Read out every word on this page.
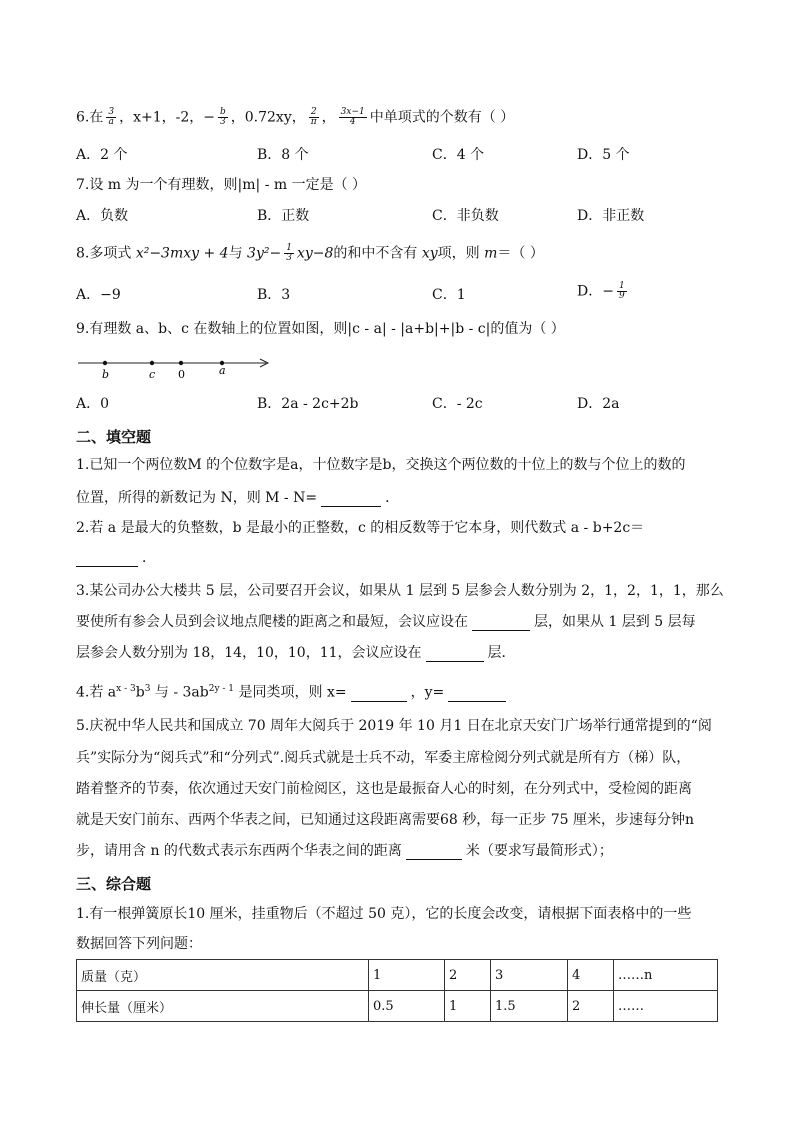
6.在 $\frac{3}{a}$ ，x+1，-2，− $\frac{b}{3}$ ，0.72xy， $\frac{2}{\pi}$ ， $\frac{3x-1}{4}$ 中单项式的个数有（ ）
A．2 个	B．8 个	C．4 个	D．5 个
7.设 m 为一个有理数，则|m| - m 一定是（ ）
A．负数	B．正数	C．非负数	D．非正数
8.多项式 x²−3mxy + 4与 $3y^2- \frac{1}{3} xy-8$的和中不含有 xy项，则 m＝（ ）
A．−9	B．3	C．1	D．− $\frac{1}{9}$
9.有理数 a、b、c 在数轴上的位置如图，则|c - a| - |a+b|+|b - c|的值为（ ）
b	c 0	a
A．0	B．2a - 2c+2b	C．- 2c	D．2a
二、填空题
1.已知一个两位数M 的个位数字是a，十位数字是b，交换这个两位数的十位上的数与个位上的数的
位置，所得的新数记为 N，则 M - N=	．
2.若 a 是最大的负整数，b 是最小的正整数，c 的相反数等于它本身，则代数式 a - b+2c＝
．
3.某公司办公大楼共 5 层，公司要召开会议，如果从 1 层到 5 层参会人数分别为 2，1，2，1，1，那么
要使所有参会人员到会议地点爬楼的距离之和最短，会议应设在	层，如果从 1 层到 5 层每
层参会人数分别为 18，14，10，10，11，会议应设在	层．
4.若 $a^{x - 3}b^3$ 与 - $3ab^{2y - 1}$ 是同类项，则 x=	，y=
5.庆祝中华人民共和国成立 70 周年大阅兵于 2019 年 10 月1 日在北京天安门广场举行通常提到的“阅
兵”实际分为“阅兵式”和“分列式”.阅兵式就是士兵不动，军委主席检阅分列式就是所有方（梯）队，
踏着整齐的节奏，依次通过天安门前检阅区，这也是最振奋人心的时刻，在分列式中，受检阅的距离
就是天安门前东、西两个华表之间，已知通过这段距离需要68 秒，每一正步 75 厘米，步速每分钟n
步，请用含 n 的代数式表示东西两个华表之间的距离	米（要求写最简形式）；
三、综合题
1.有一根弹簧原长10 厘米，挂重物后（不超过 50 克），它的长度会改变，请根据下面表格中的一些
数据回答下列问题：
质量（克）	1	2	3	4	……n
伸长量（厘米）	0.5	1	1.5	2	……
